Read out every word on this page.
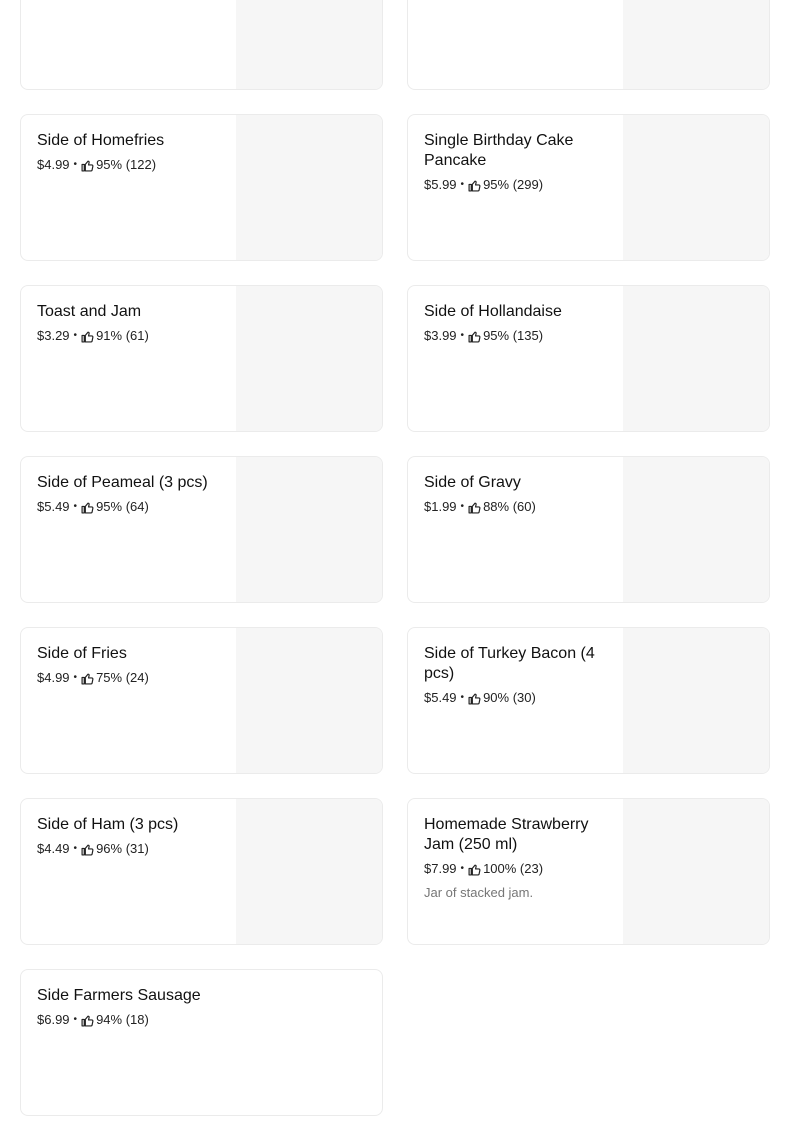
Side of Homefries
$4.99 • 95% (122)
Single Birthday Cake Pancake
$5.99 • 95% (299)
Toast and Jam
$3.29 • 91% (61)
Side of Hollandaise
$3.99 • 95% (135)
Side of Peameal (3 pcs)
$5.49 • 95% (64)
Side of Gravy
$1.99 • 88% (60)
Side of Fries
$4.99 • 75% (24)
Side of Turkey Bacon (4 pcs)
$5.49 • 90% (30)
Side of Ham (3 pcs)
$4.49 • 96% (31)
Homemade Strawberry Jam (250 ml)
$7.99 • 100% (23)
Jar of stacked jam.
Side Farmers Sausage
$6.99 • 94% (18)
